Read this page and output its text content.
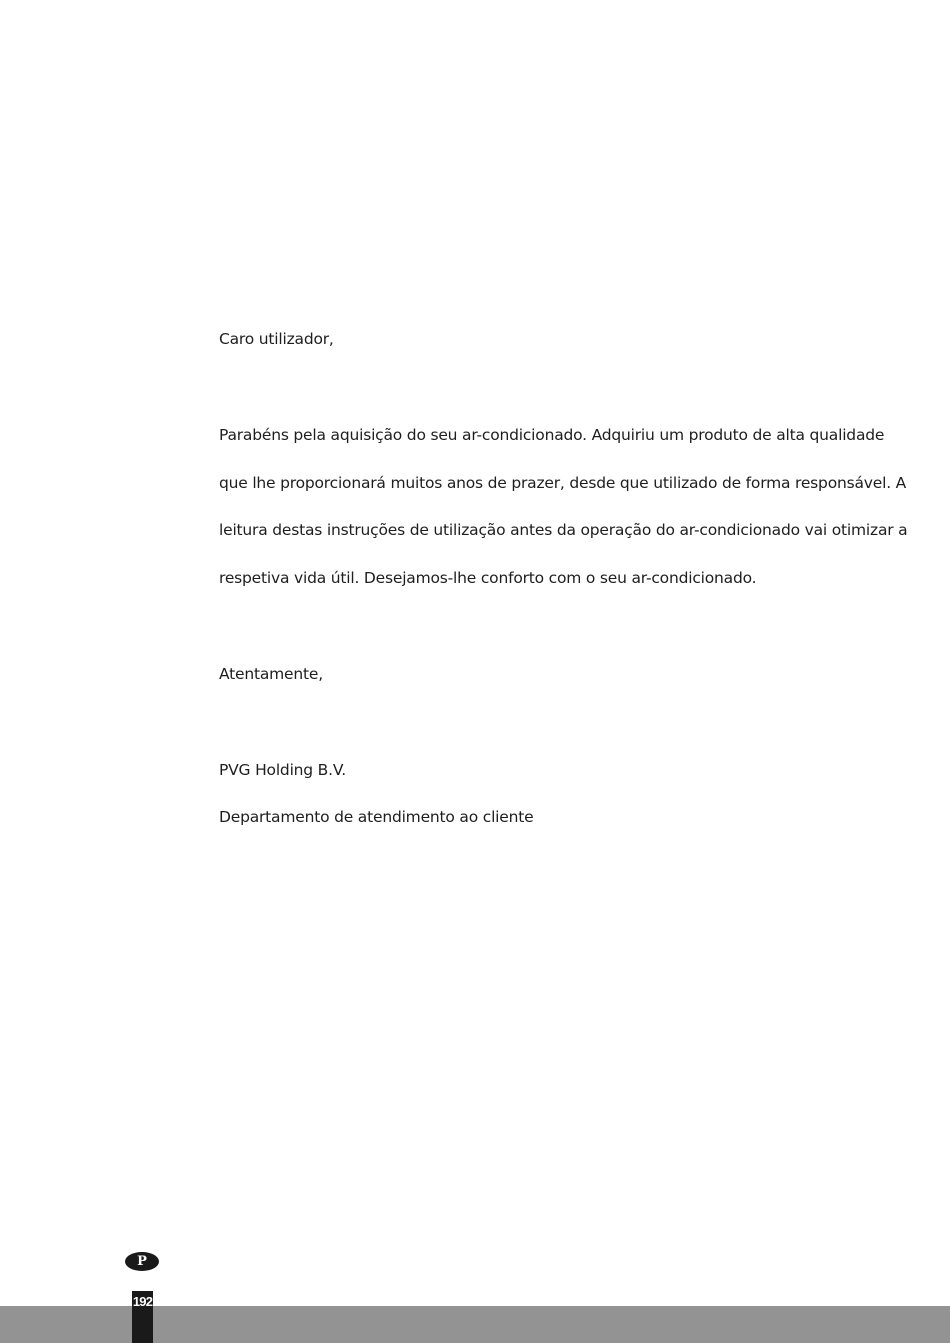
Caro utilizador,
Parabéns pela aquisição do seu ar-condicionado. Adquiriu um produto de alta qualidade
que lhe proporcionará muitos anos de prazer, desde que utilizado de forma responsável. A
leitura destas instruções de utilização antes da operação do ar-condicionado vai otimizar a
respetiva vida útil. Desejamos-lhe conforto com o seu ar-condicionado.
Atentamente,
PVG Holding B.V.
Departamento de atendimento ao cliente
P
192
